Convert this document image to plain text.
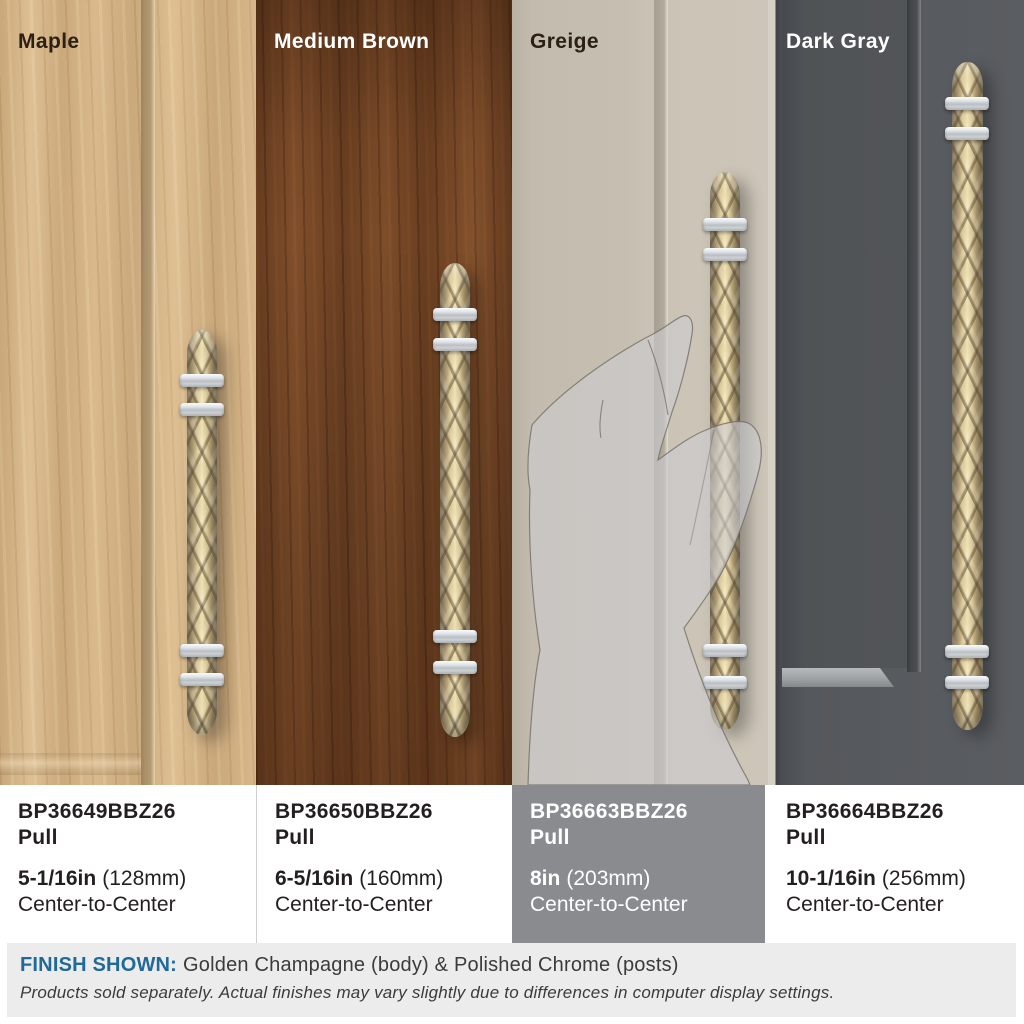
Maple	Medium Brown	Greige	Dark Gray
BP36649BBZ26
Pull
5-1/16in (128mm)
Center-to-Center
BP36650BBZ26
Pull
6-5/16in (160mm)
Center-to-Center
BP36663BBZ26
Pull
8in (203mm)
Center-to-Center
BP36664BBZ26
Pull
10-1/16in (256mm)
Center-to-Center
FINISH SHOWN: Golden Champagne (body) & Polished Chrome (posts)
Products sold separately. Actual finishes may vary slightly due to differences in computer display settings.
